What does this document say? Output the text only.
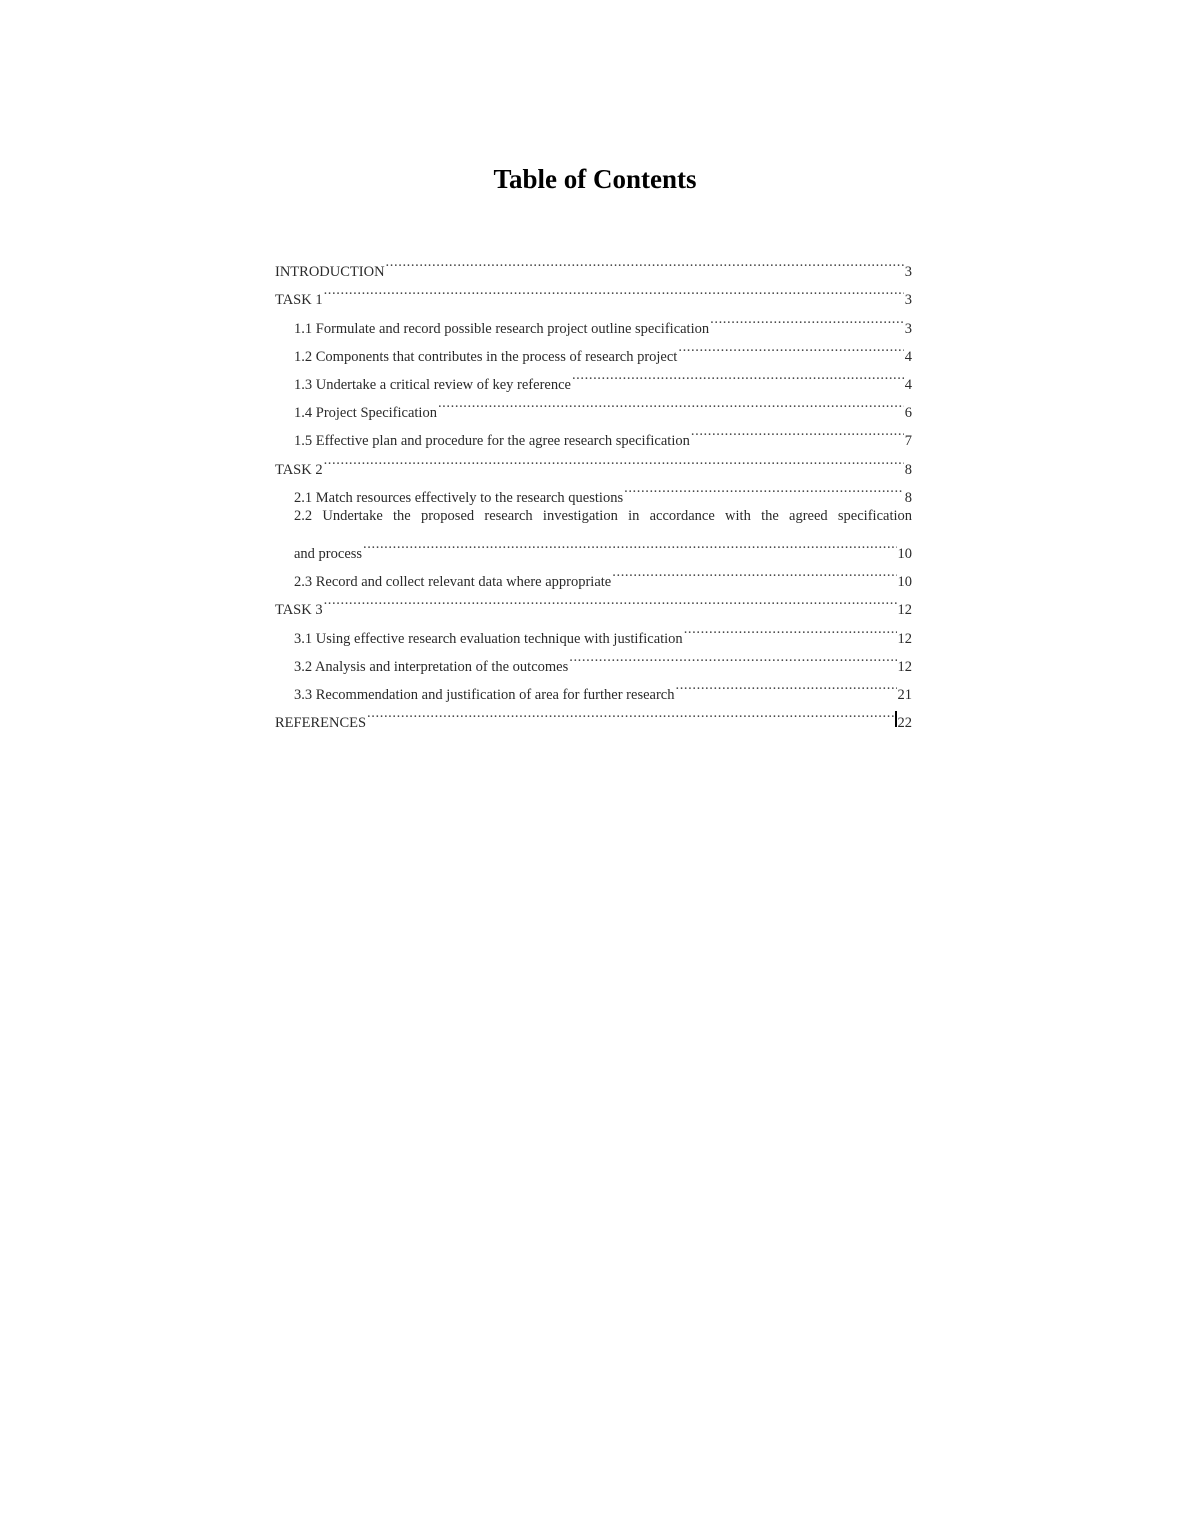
Table of Contents
INTRODUCTION .....	3
TASK 1 .....	3
1.1 Formulate and record possible research project outline specification .....	3
1.2 Components that contributes in the process of research project .....	4
1.3 Undertake a critical review of key reference .....	4
1.4 Project Specification .....	6
1.5 Effective plan and procedure for the agree research specification .....	7
TASK 2 .....	8
2.1 Match resources effectively to the research questions .....	8
2.2 Undertake the proposed research investigation in accordance with the agreed specification
and process .....	10
2.3 Record and collect relevant data where appropriate .....	10
TASK 3 .....	12
3.1 Using effective research evaluation technique with justification .....	12
3.2 Analysis and interpretation of the outcomes .....	12
3.3 Recommendation and justification of area for further research .....	21
REFERENCES .....	22
